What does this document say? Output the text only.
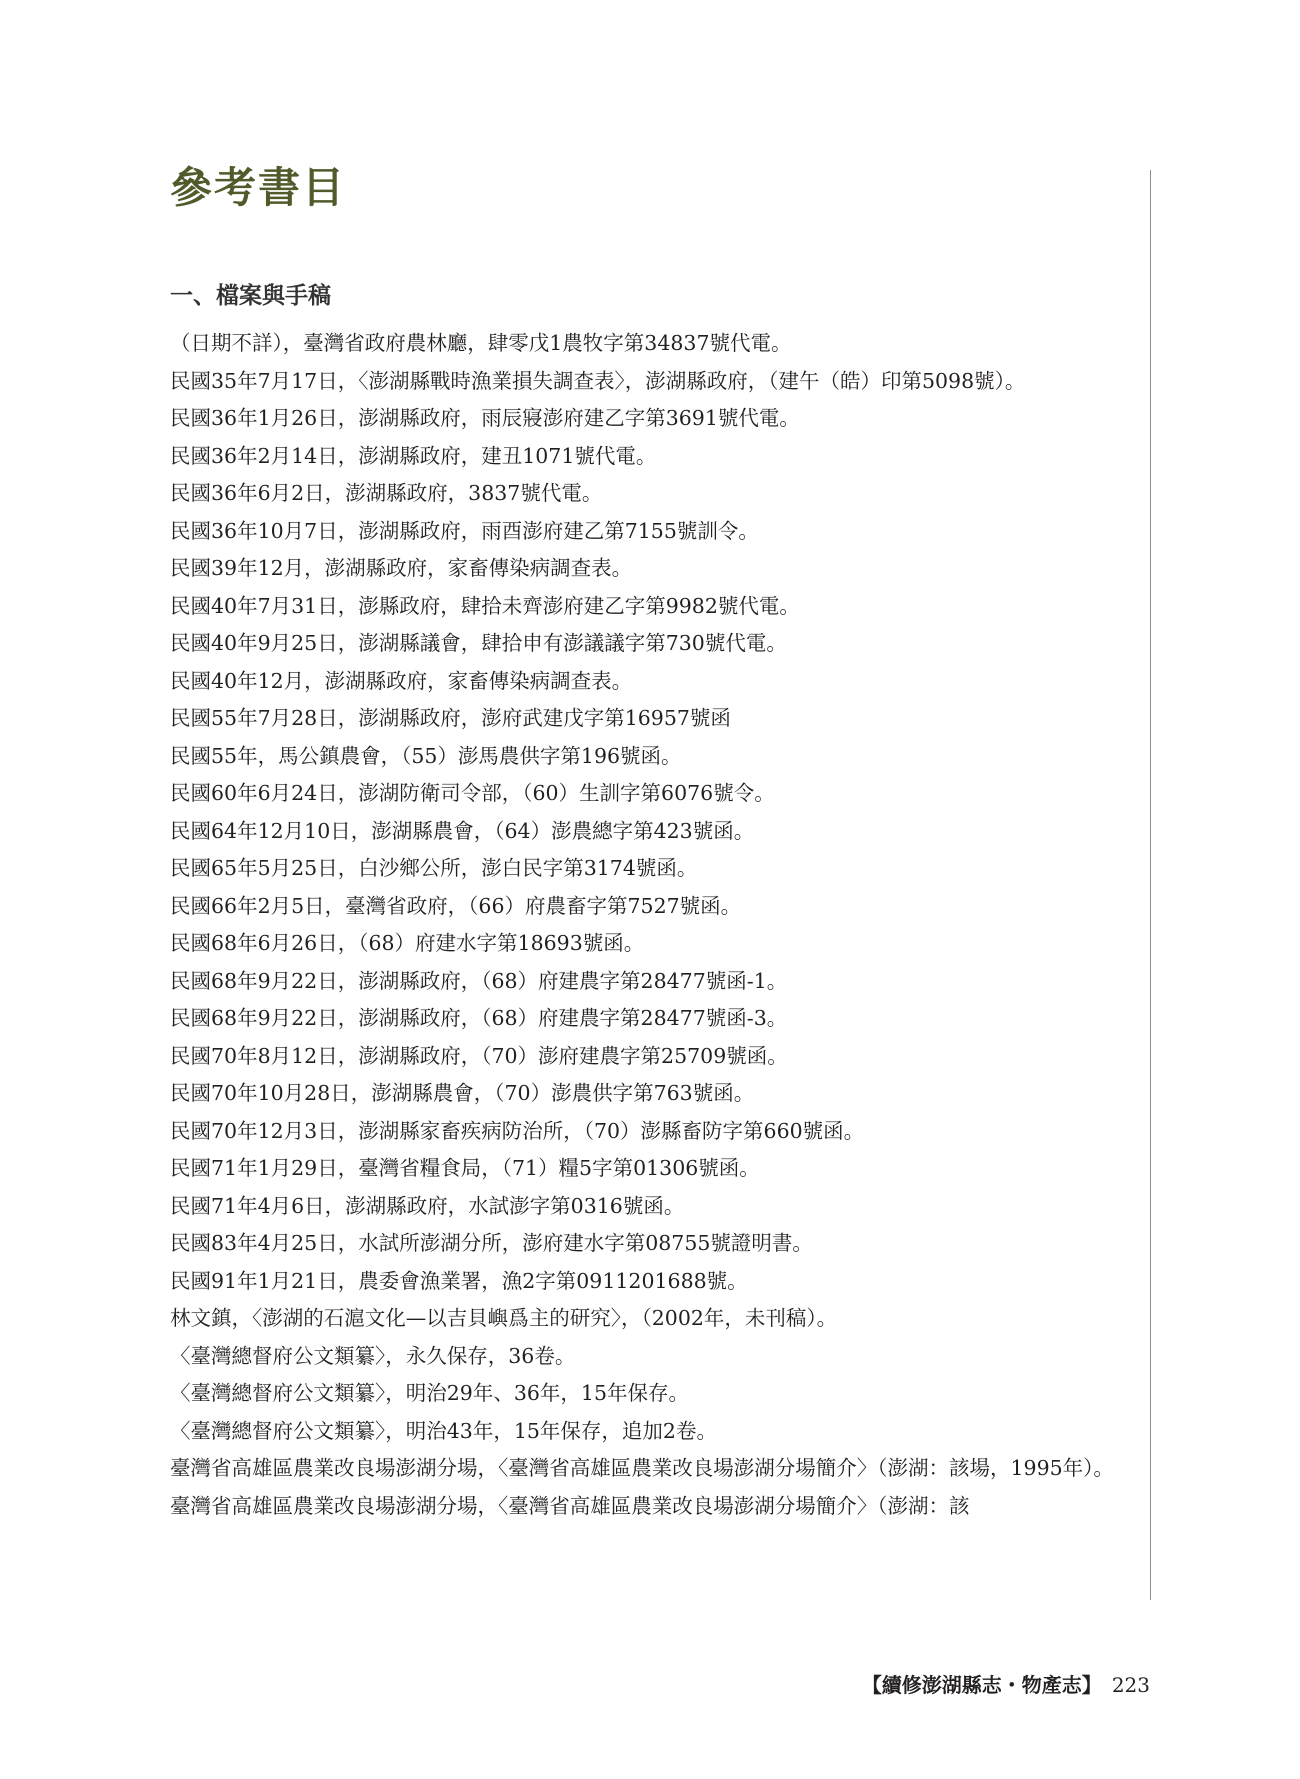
參考書目
一、檔案與手稿
（日期不詳），臺灣省政府農林廳，肆零戊1農牧字第34837號代電。
民國35年7月17日，〈澎湖縣戰時漁業損失調查表〉，澎湖縣政府，（建午（皓）印第5098號）。
民國36年1月26日，澎湖縣政府，雨辰寢澎府建乙字第3691號代電。
民國36年2月14日，澎湖縣政府，建丑1071號代電。
民國36年6月2日，澎湖縣政府，3837號代電。
民國36年10月7日，澎湖縣政府，雨酉澎府建乙第7155號訓令。
民國39年12月，澎湖縣政府，家畜傳染病調查表。
民國40年7月31日，澎縣政府，肆拾未齊澎府建乙字第9982號代電。
民國40年9月25日，澎湖縣議會，肆拾申有澎議議字第730號代電。
民國40年12月，澎湖縣政府，家畜傳染病調查表。
民國55年7月28日，澎湖縣政府，澎府武建戊字第16957號函
民國55年，馬公鎮農會，（55）澎馬農供字第196號函。
民國60年6月24日，澎湖防衛司令部，（60）生訓字第6076號令。
民國64年12月10日，澎湖縣農會，（64）澎農總字第423號函。
民國65年5月25日，白沙鄉公所，澎白民字第3174號函。
民國66年2月5日，臺灣省政府，（66）府農畜字第7527號函。
民國68年6月26日，（68）府建水字第18693號函。
民國68年9月22日，澎湖縣政府，（68）府建農字第28477號函-1。
民國68年9月22日，澎湖縣政府，（68）府建農字第28477號函-3。
民國70年8月12日，澎湖縣政府，（70）澎府建農字第25709號函。
民國70年10月28日，澎湖縣農會，（70）澎農供字第763號函。
民國70年12月3日，澎湖縣家畜疾病防治所，（70）澎縣畜防字第660號函。
民國71年1月29日，臺灣省糧食局，（71）糧5字第01306號函。
民國71年4月6日，澎湖縣政府，水試澎字第0316號函。
民國83年4月25日，水試所澎湖分所，澎府建水字第08755號證明書。
民國91年1月21日，農委會漁業署，漁2字第0911201688號。
林文鎮，〈澎湖的石滬文化—以吉貝嶼爲主的研究〉，（2002年，未刊稿）。
〈臺灣總督府公文類纂〉，永久保存，36卷。
〈臺灣總督府公文類纂〉，明治29年、36年，15年保存。
〈臺灣總督府公文類纂〉，明治43年，15年保存，追加2卷。
臺灣省高雄區農業改良場澎湖分場，〈臺灣省高雄區農業改良場澎湖分場簡介〉（澎湖：該場，1995年）。
臺灣省高雄區農業改良場澎湖分場，〈臺灣省高雄區農業改良場澎湖分場簡介〉（澎湖：該
【續修澎湖縣志・物產志】 223
